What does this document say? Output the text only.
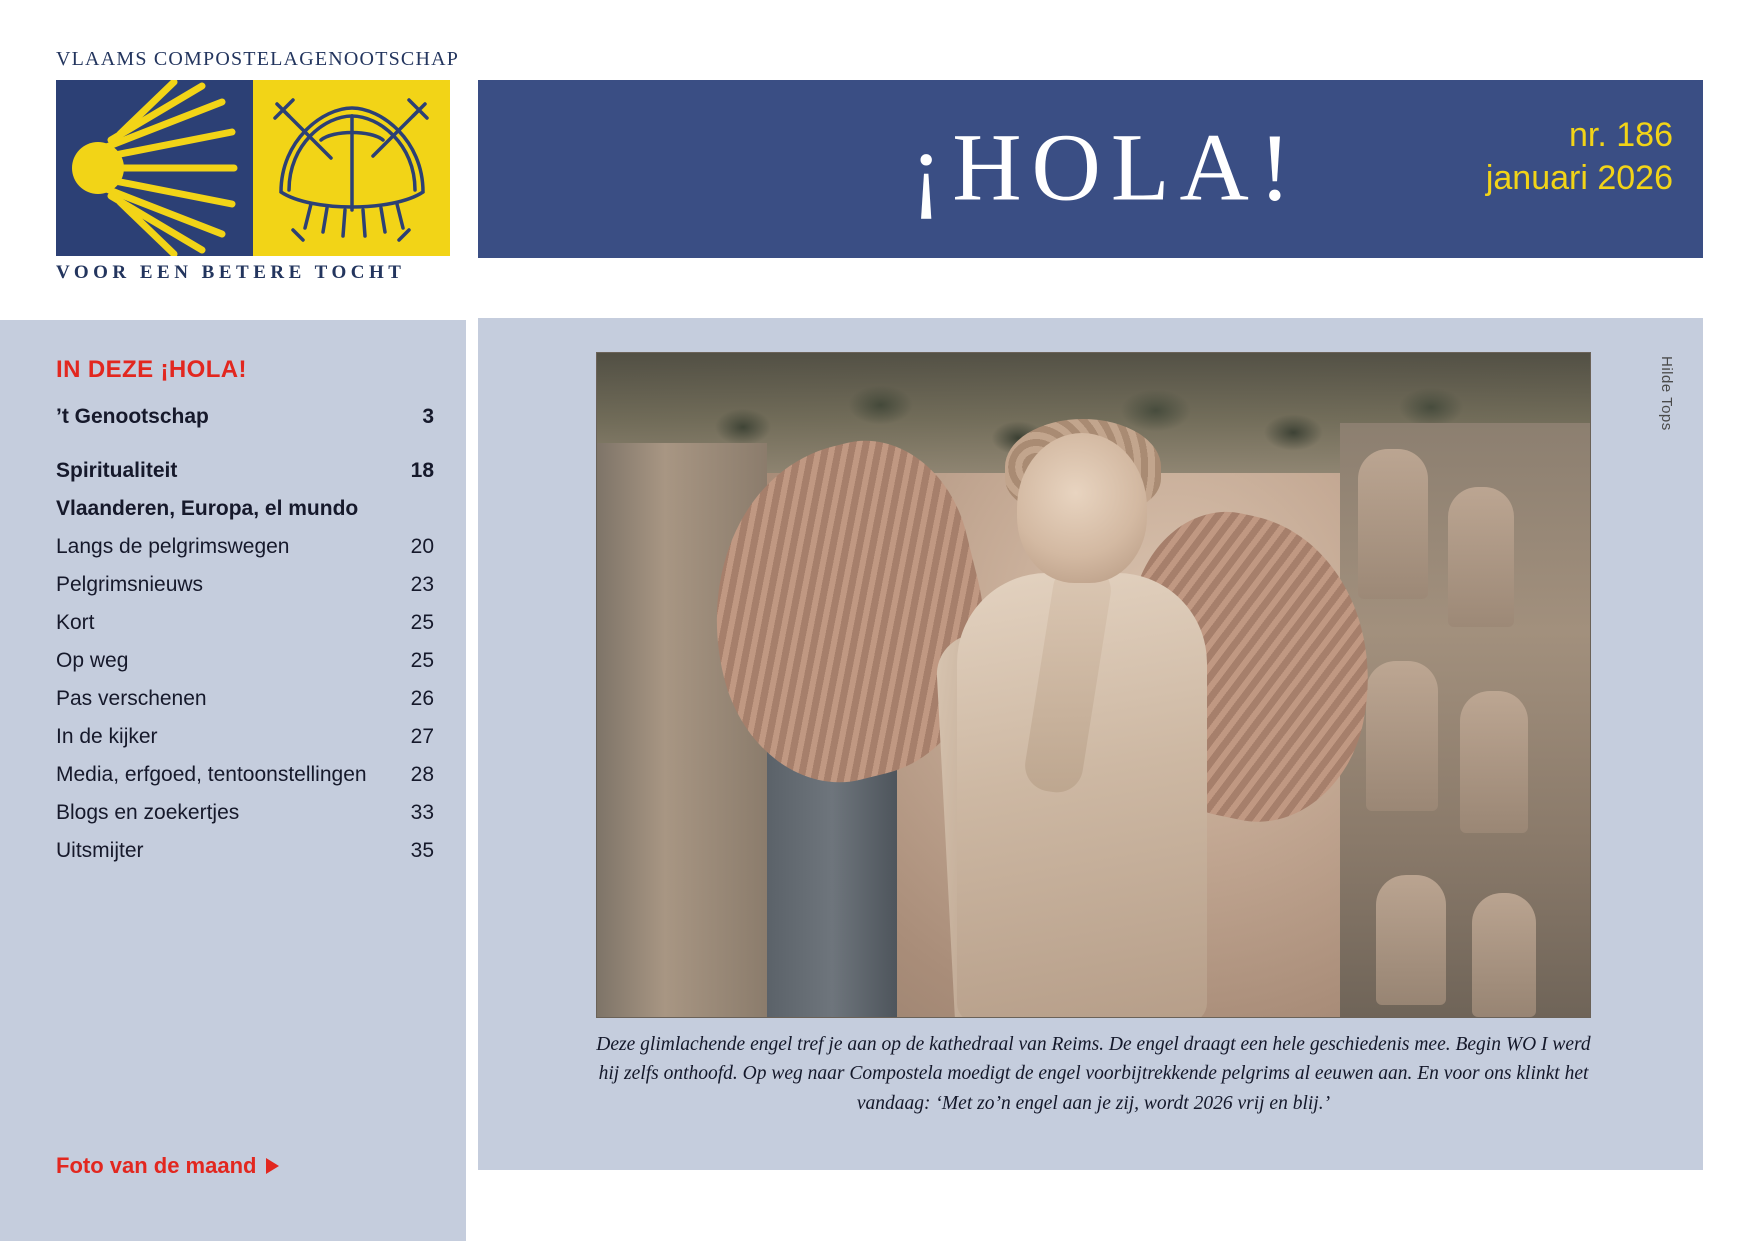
VLAAMS COMPOSTELAGENOOTSCHAP
VOOR EEN BETERE TOCHT
IN DEZE ¡HOLA!
’t Genootschap	3
Spiritualiteit	18
Vlaanderen, Europa, el mundo
Langs de pelgrimswegen	20
Pelgrimsnieuws	23
Kort	25
Op weg	25
Pas verschenen	26
In de kijker	27
Media, erfgoed, tentoonstellingen	28
Blogs en zoekertjes	33
Uitsmijter	35
Foto van de maand
¡HOLA!	nr. 186
januari 2026
Hilde Tops
Deze glimlachende engel tref je aan op de kathedraal van Reims. De engel draagt een hele geschiedenis mee. Begin WO I werd hij zelfs onthoofd. Op weg naar Compostela moedigt de engel voorbijtrekkende pelgrims al eeuwen aan. En voor ons klinkt het vandaag: ‘Met zo’n engel aan je zij, wordt 2026 vrij en blij.’
